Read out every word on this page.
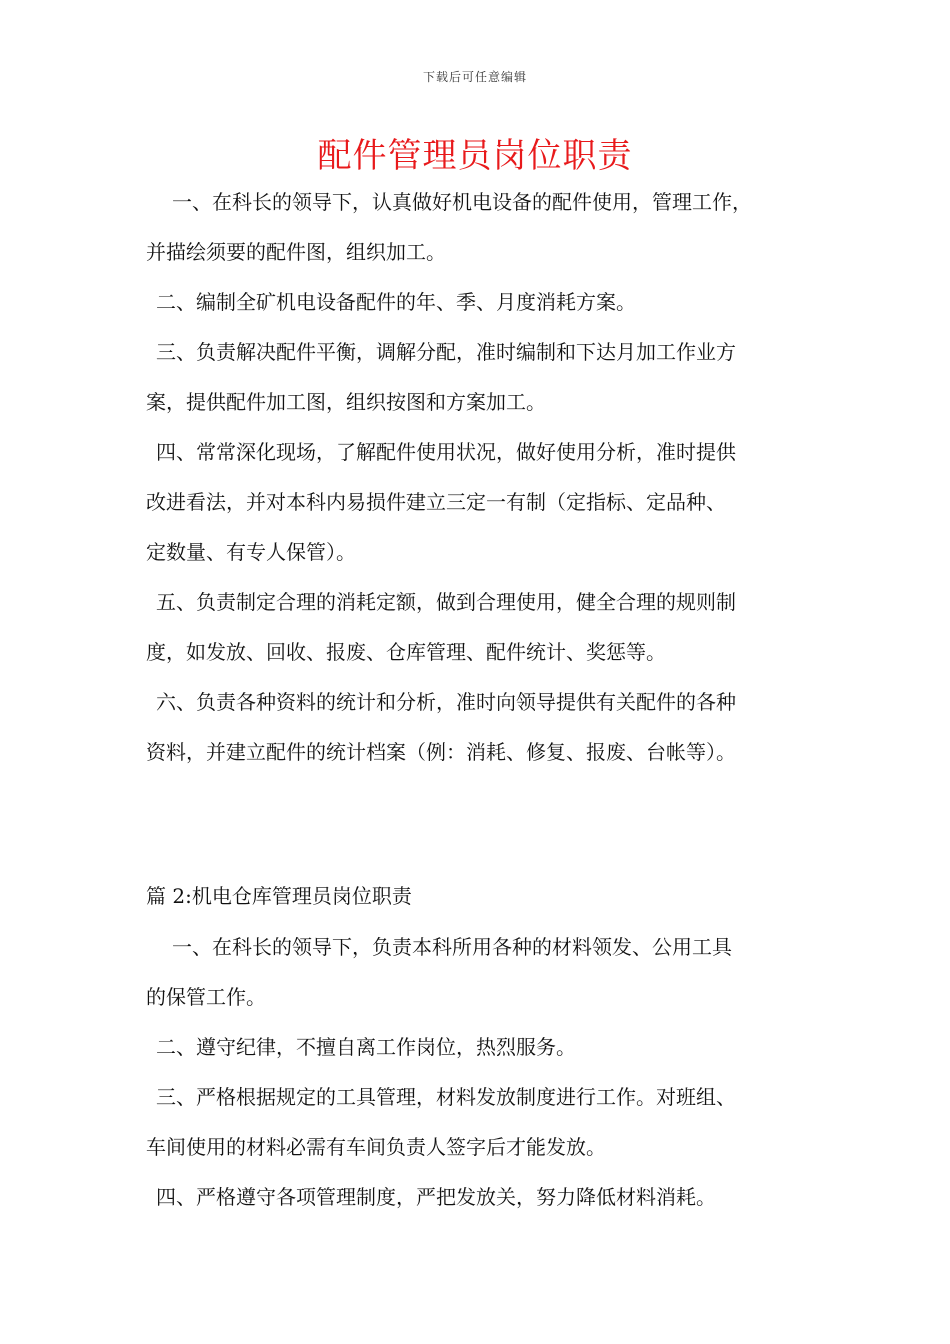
下载后可任意编辑
配件管理员岗位职责
一、在科长的领导下，认真做好机电设备的配件使用，管理工作，
并描绘须要的配件图，组织加工。
二、编制全矿机电设备配件的年、季、月度消耗方案。
三、负责解决配件平衡，调解分配，准时编制和下达月加工作业方
案，提供配件加工图，组织按图和方案加工。
四、常常深化现场，了解配件使用状况，做好使用分析，准时提供
改进看法，并对本科内易损件建立三定一有制（定指标、定品种、
定数量、有专人保管）。
五、负责制定合理的消耗定额，做到合理使用，健全合理的规则制
度，如发放、回收、报废、仓库管理、配件统计、奖惩等。
六、负责各种资料的统计和分析，准时向领导提供有关配件的各种
资料，并建立配件的统计档案（例：消耗、修复、报废、台帐等）。
篇 2:机电仓库管理员岗位职责
一、在科长的领导下，负责本科所用各种的材料领发、公用工具
的保管工作。
二、遵守纪律，不擅自离工作岗位，热烈服务。
三、严格根据规定的工具管理，材料发放制度进行工作。对班组、
车间使用的材料必需有车间负责人签字后才能发放。
四、严格遵守各项管理制度，严把发放关，努力降低材料消耗。
